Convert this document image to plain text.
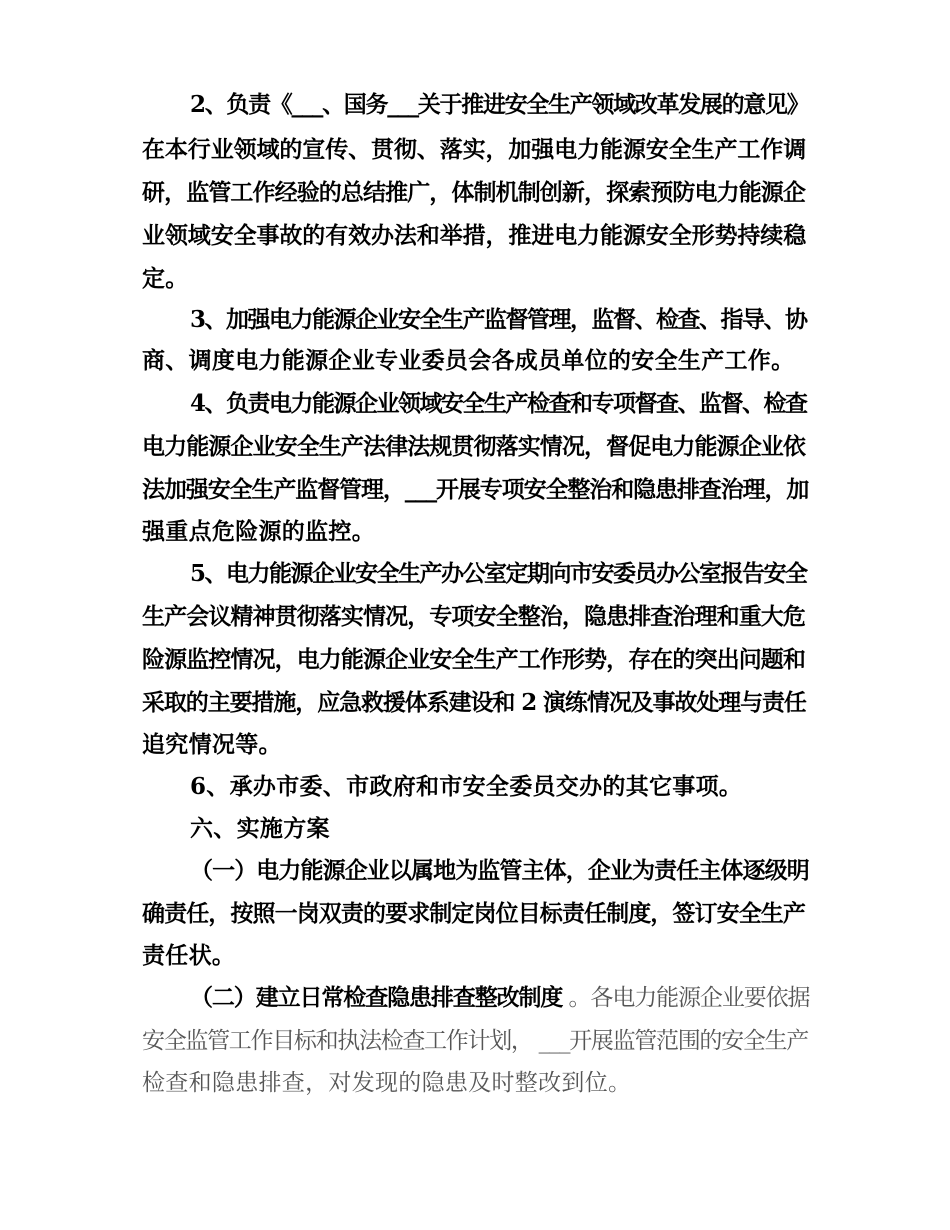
2、负责《___、国务___关于推进安全生产领域改革发展的意见》
在本行业领域的宣传、贯彻、落实，加强电力能源安全生产工作调
研，监管工作经验的总结推广，体制机制创新，探索预防电力能源企
业领域安全事故的有效办法和举措，推进电力能源安全形势持续稳
定。
3、加强电力能源企业安全生产监督管理，监督、检查、指导、协
商、调度电力能源企业专业委员会各成员单位的安全生产工作。
4、负责电力能源企业领域安全生产检查和专项督查、监督、检查
电力能源企业安全生产法律法规贯彻落实情况，督促电力能源企业依
法加强安全生产监督管理，___开展专项安全整治和隐患排查治理，加
强重点危险源的监控。
5、电力能源企业安全生产办公室定期向市安委员办公室报告安全
生产会议精神贯彻落实情况，专项安全整治，隐患排查治理和重大危
险源监控情况，电力能源企业安全生产工作形势，存在的突出问题和
采取的主要措施，应急救援体系建设和 2 演练情况及事故处理与责任
追究情况等。
6、承办市委、市政府和市安全委员交办的其它事项。
六、实施方案
（一）电力能源企业以属地为监管主体，企业为责任主体逐级明
确责任，按照一岗双责的要求制定岗位目标责任制度，签订安全生产
责任状。
（二）建立日常检查隐患排查整改制度 。各电力能源企业要依据
安全监管工作目标和执法检查工作计划， ___开展监管范围的安全生产
检查和隐患排查，对发现的隐患及时整改到位。
